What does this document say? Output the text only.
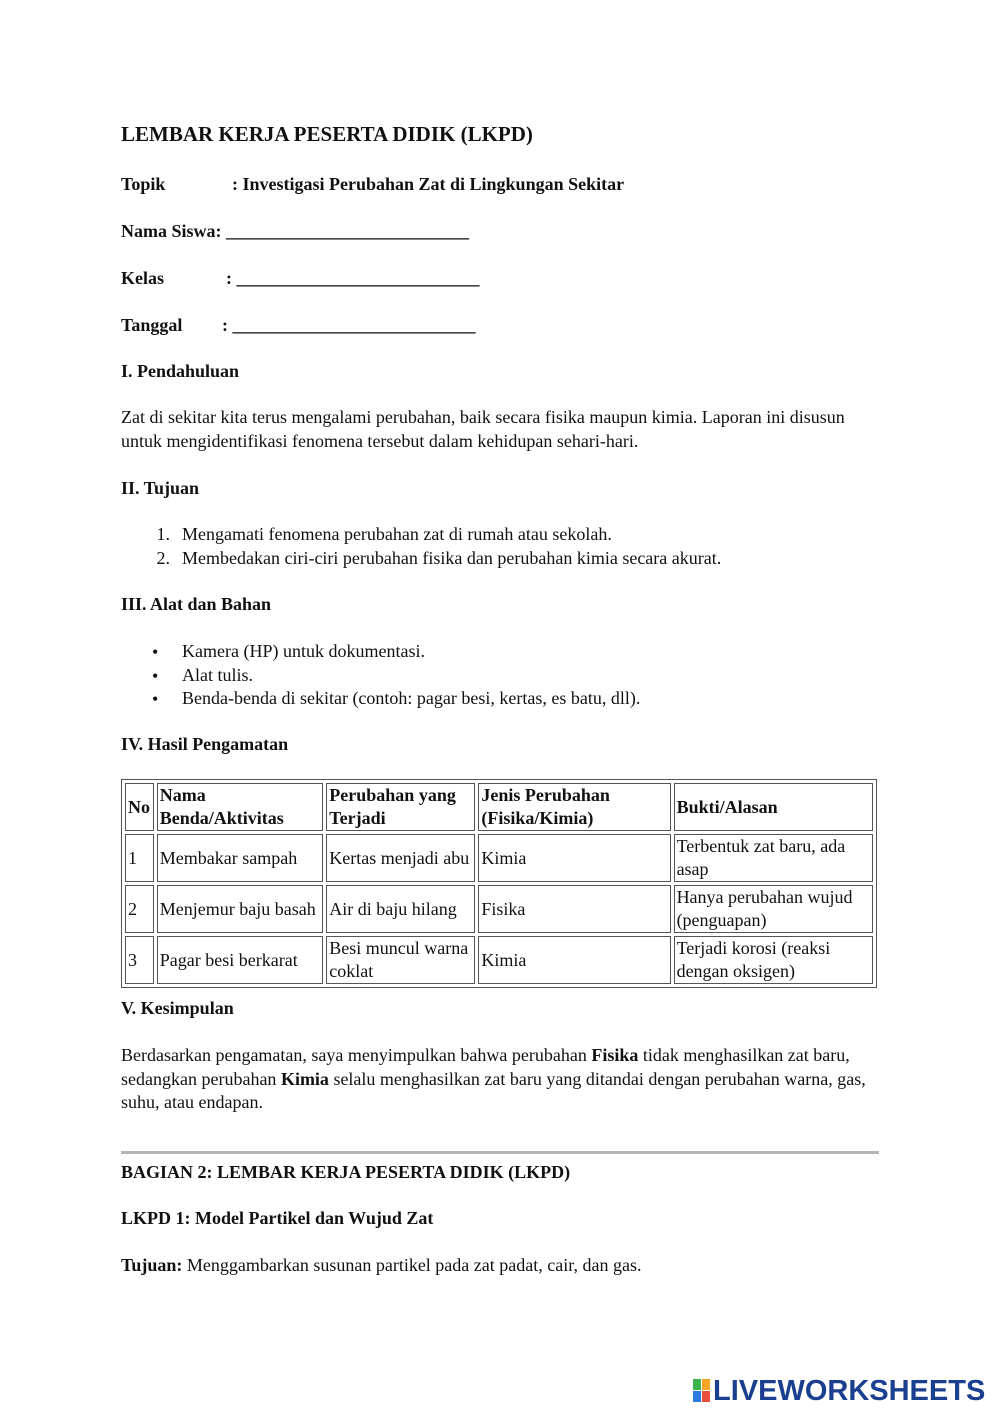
LEMBAR KERJA PESERTA DIDIK (LKPD)
Topik	: Investigasi Perubahan Zat di Lingkungan Sekitar
Nama Siswa: ___________________________
Kelas	: ___________________________
Tanggal : ___________________________
I. Pendahuluan
Zat di sekitar kita terus mengalami perubahan, baik secara fisika maupun kimia. Laporan ini disusun untuk mengidentifikasi fenomena tersebut dalam kehidupan sehari-hari.
II. Tujuan
1. Mengamati fenomena perubahan zat di rumah atau sekolah.
2. Membedakan ciri-ciri perubahan fisika dan perubahan kimia secara akurat.
III. Alat dan Bahan
• Kamera (HP) untuk dokumentasi.
• Alat tulis.
• Benda-benda di sekitar (contoh: pagar besi, kertas, es batu, dll).
IV. Hasil Pengamatan
No	Nama Benda/Aktivitas	Perubahan yang Terjadi	Jenis Perubahan (Fisika/Kimia)	Bukti/Alasan
1	Membakar sampah	Kertas menjadi abu	Kimia	Terbentuk zat baru, ada asap
2	Menjemur baju basah	Air di baju hilang	Fisika	Hanya perubahan wujud (penguapan)
3	Pagar besi berkarat	Besi muncul warna coklat	Kimia	Terjadi korosi (reaksi dengan oksigen)
V. Kesimpulan
Berdasarkan pengamatan, saya menyimpulkan bahwa perubahan Fisika tidak menghasilkan zat baru, sedangkan perubahan Kimia selalu menghasilkan zat baru yang ditandai dengan perubahan warna, gas, suhu, atau endapan.
BAGIAN 2: LEMBAR KERJA PESERTA DIDIK (LKPD)
LKPD 1: Model Partikel dan Wujud Zat
Tujuan: Menggambarkan susunan partikel pada zat padat, cair, dan gas.
LIVEWORKSHEETS
